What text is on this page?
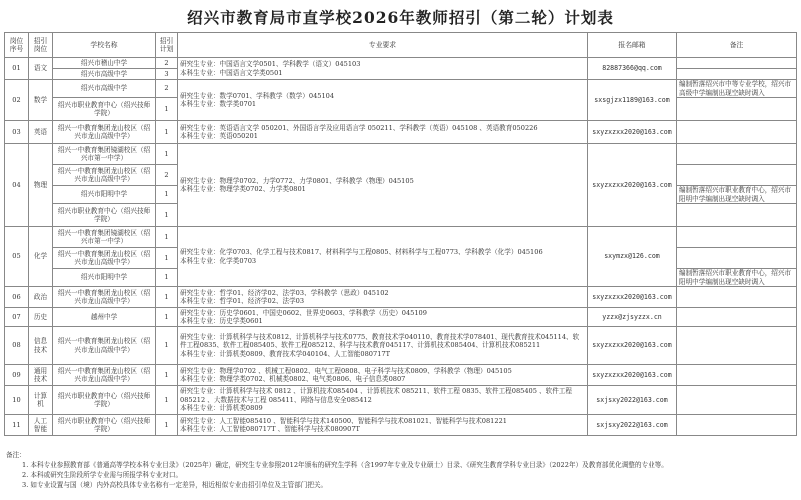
绍兴市教育局市直学校2026年教师招引（第二轮）计划表
岗位序号	招引岗位	学校名称	招引计划	专业要求	报名邮箱	备注
01	语文	绍兴市稽山中学	2	研究生专业：中国语言文学0501、学科教学（语文）045103
本科生专业：中国语言文学类0501	82887366@qq.com	
		绍兴市高级中学	3			
02	数学	绍兴市高级中学	2	研究生专业：数学0701、学科教学（数学）045104
本科生专业：数学类0701	sxsgjzx1189@163.com	编制暂落绍兴市中等专业学校，绍兴市高级中学编制出现空缺时调入
		绍兴市职业教育中心（绍兴技师学院）	1			
03	英语	绍兴一中教育集团龙山校区（绍兴市龙山高级中学）	1	研究生专业：英语语言文学 050201、外国语言学及应用语言学 050211、学科教学（英语）045108 、英语教育050226
本科生专业：英语050201	sxyzxzxx2020@163.com	
04	物理	绍兴一中教育集团镜湖校区（绍兴市第一中学）	1	研究生专业：物理学0702、力学0772、力学0801、学科教学（物理）045105
本科生专业：物理学类0702、力学类0801	sxyzxzxx2020@163.com	
		绍兴一中教育集团龙山校区（绍兴市龙山高级中学）	2			
		绍兴市阳明中学	1			编制暂落绍兴市职业教育中心，绍兴市阳明中学编制出现空缺时调入
		绍兴市职业教育中心（绍兴技师学院）	1			
05	化学	绍兴一中教育集团镜湖校区（绍兴市第一中学）	1	研究生专业：化学0703、化学工程与技术0817、材料科学与工程0805、材料科学与工程0773、学科教学（化学）045106
本科生专业：化学类0703	sxymzx@126.com	
		绍兴一中教育集团龙山校区（绍兴市龙山高级中学）	1			
		绍兴市阳明中学	1			编制暂落绍兴市职业教育中心，绍兴市阳明中学编制出现空缺时调入
06	政治	绍兴一中教育集团龙山校区（绍兴市龙山高级中学）	1	研究生专业：哲学01、经济学02、法学03、学科教学（思政）045102
本科生专业：哲学01、经济学02、法学03	sxyzxzxx2020@163.com	
07	历史	越州中学	1	研究生专业：历史学0601、中国史0602、世界史0603、学科教学（历史）045109
本科生专业：历史学类0601	yzzx@zjsyzzx.cn	
08	信息技术	绍兴一中教育集团龙山校区（绍兴市龙山高级中学）	1	研究生专业：计算机科学与技术0812、计算机科学与技术0775、教育技术学040110、教育技术学078401、现代教育技术045114、软件工程0835、软件工程085405、软件工程085212、科学与技术教育045117、计算机技术085404、计算机技术085211
本科生专业：计算机类0809、教育技术学040104、人工智能080717T	sxyzxzxx2020@163.com	
09	通用技术	绍兴一中教育集团龙山校区（绍兴市龙山高级中学）	1	研究生专业：物理学0702 、机械工程0802、电气工程0808、电子科学与技术0809、学科教学（物理）045105
本科生专业：物理学类0702、机械类0802、电气类0806、电子信息类0807	sxyzxzxx2020@163.com	
10	计算机	绍兴市职业教育中心（绍兴技师学院）	1	研究生专业：计算机科学与技术 0812 、计算机技术085404 、计算机技术 085211、软件工程 0835、软件工程085405 、软件工程085212 、大数据技术与工程 085411、网络与信息安全085412
本科生专业：计算机类0809	sxjsxy2022@163.com	
11	人工智能	绍兴市职业教育中心（绍兴技师学院）	1	研究生专业：人工智能085410 、智能科学与技术140500、智能科学与技术081021、智能科学与技术081221
本科生专业：人工智能080717T 、智能科学与技术080907T	sxjsxy2022@163.com	
备注：
1. 本科专业参照教育部《普通高等学校本科专业目录》（2025年）确定，研究生专业参照2012年颁布的研究生学科（含1997年专业及专业硕士）目录、《研究生教育学科专业目录》（2022年）及教育部优化调整的专业等。
2. 本科或研究生阶段所学专业需与所报学科专业对口。
3. 如专业设置与国（境）内外高校具体专业名称有一定差异，相近相似专业由招引单位及主管部门把关。
